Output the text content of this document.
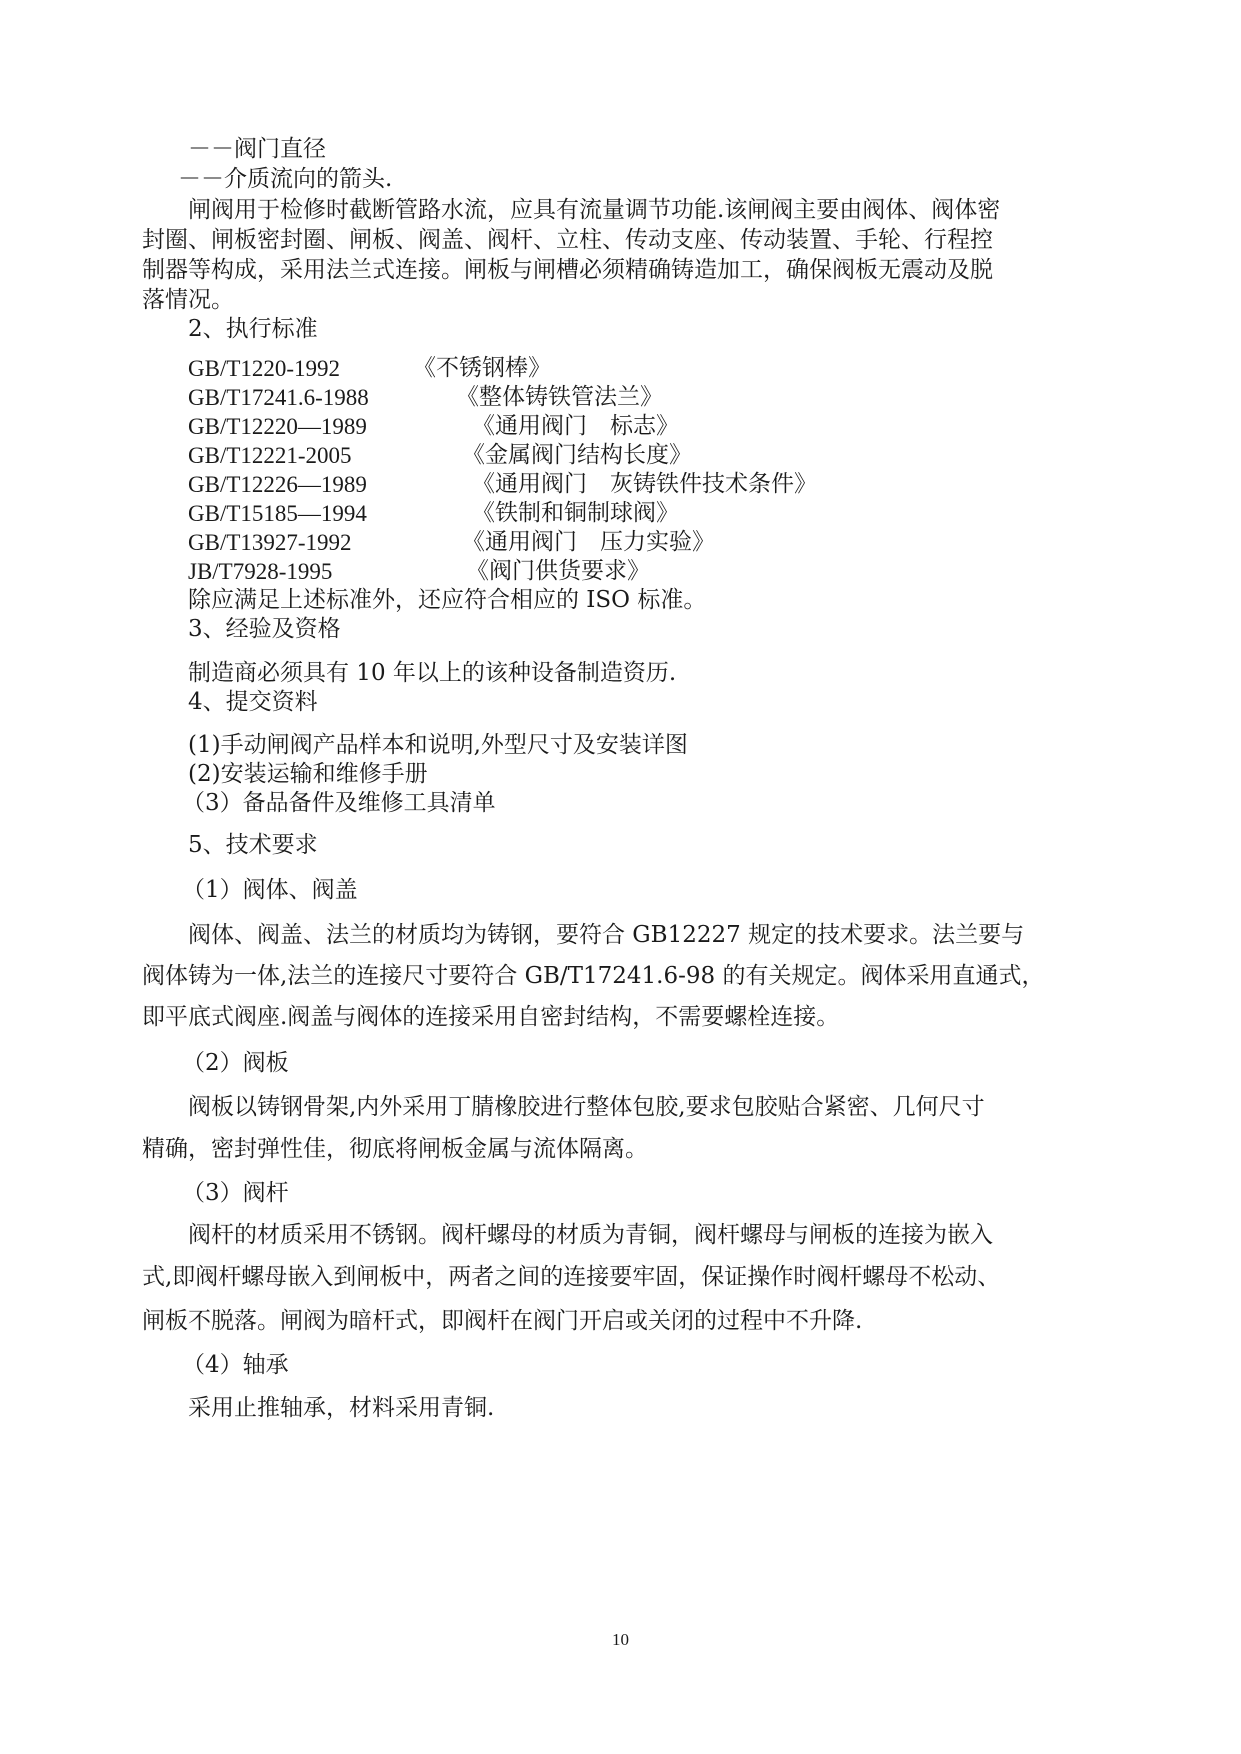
－－阀门直径
－－介质流向的箭头.
闸阀用于检修时截断管路水流，应具有流量调节功能.该闸阀主要由阀体、阀体密
封圈、闸板密封圈、闸板、阀盖、阀杆、立柱、传动支座、传动装置、手轮、行程控
制器等构成，采用法兰式连接。闸板与闸槽必须精确铸造加工，确保阀板无震动及脱
落情况。
2、执行标准
GB/T1220-1992	《不锈钢棒》
GB/T17241.6-1988	《整体铸铁管法兰》
GB/T12220—1989	《通用阀门　标志》
GB/T12221-2005	《金属阀门结构长度》
GB/T12226—1989	《通用阀门　灰铸铁件技术条件》
GB/T15185—1994	《铁制和铜制球阀》
GB/T13927-1992	《通用阀门　压力实验》
JB/T7928-1995	《阀门供货要求》
除应满足上述标准外，还应符合相应的 ISO 标准。
3、经验及资格
制造商必须具有 10 年以上的该种设备制造资历.
4、提交资料
(1)手动闸阀产品样本和说明,外型尺寸及安装详图
(2)安装运输和维修手册
（3）备品备件及维修工具清单
5、技术要求
（1）阀体、阀盖
阀体、阀盖、法兰的材质均为铸钢，要符合 GB12227 规定的技术要求。法兰要与
阀体铸为一体,法兰的连接尺寸要符合 GB/T17241.6-98 的有关规定。阀体采用直通式，
即平底式阀座.阀盖与阀体的连接采用自密封结构，不需要螺栓连接。
（2）阀板
阀板以铸钢骨架,内外采用丁腈橡胶进行整体包胶,要求包胶贴合紧密、几何尺寸
精确，密封弹性佳，彻底将闸板金属与流体隔离。
（3）阀杆
阀杆的材质采用不锈钢。阀杆螺母的材质为青铜，阀杆螺母与闸板的连接为嵌入
式,即阀杆螺母嵌入到闸板中，两者之间的连接要牢固，保证操作时阀杆螺母不松动、
闸板不脱落。闸阀为暗杆式，即阀杆在阀门开启或关闭的过程中不升降.
（4）轴承
采用止推轴承，材料采用青铜.
10
